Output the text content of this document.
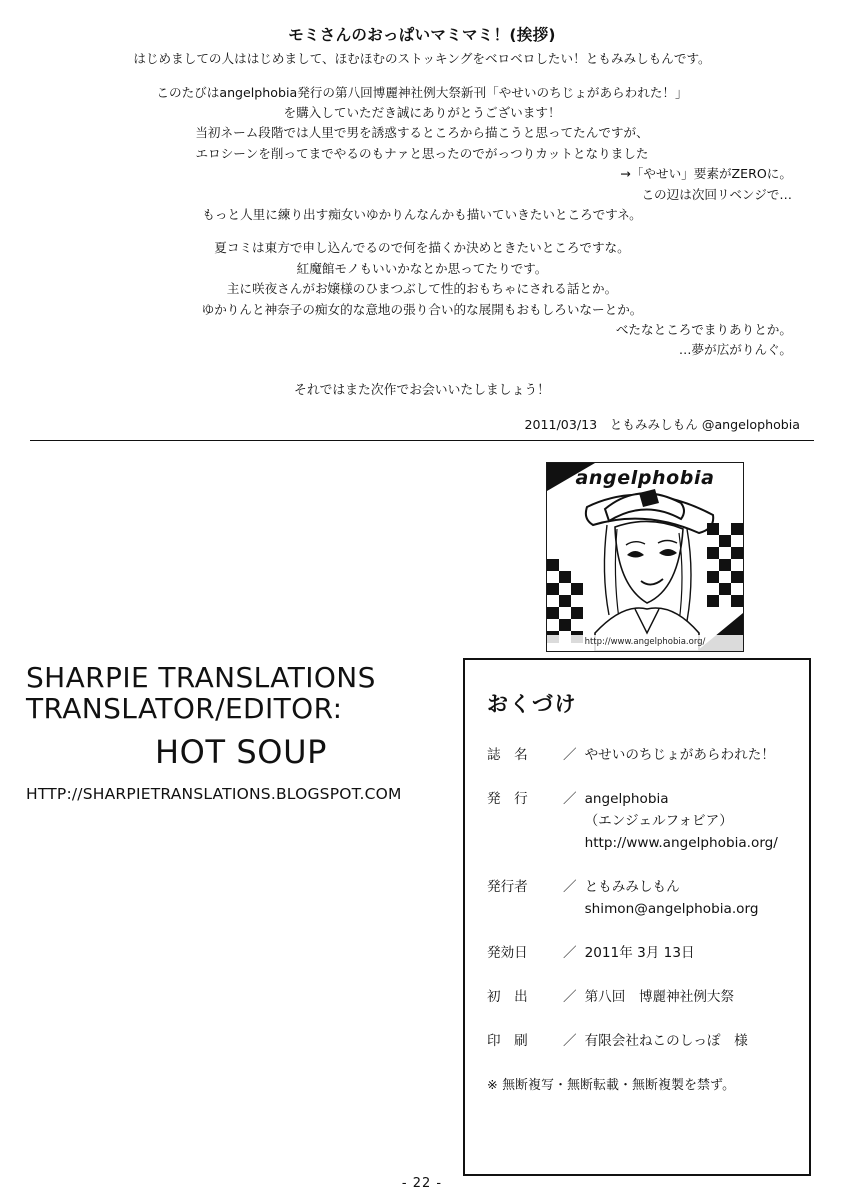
モミさんのおっぱいマミマミ！(挨拶)
はじめましての人ははじめまして、ほむほむのストッキングをベロベロしたい！ともみみしもんです。
このたびはangelphobia発行の第八回博麗神社例大祭新刊「やせいのちじょがあらわれた！」
を購入していただき誠にありがとうございます！
当初ネーム段階では人里で男を誘惑するところから描こうと思ってたんですが、
エロシーンを削ってまでやるのもナァと思ったのでがっつりカットとなりました
→「やせい」要素がZEROに。
この辺は次回リベンジで…
もっと人里に練り出す痴女いゆかりんなんかも描いていきたいところですネ。
夏コミは東方で申し込んでるので何を描くか決めときたいところですな。
紅魔館モノもいいかなとか思ってたりです。
主に咲夜さんがお嬢様のひまつぶして性的おもちゃにされる話とか。
ゆかりんと神奈子の痴女的な意地の張り合い的な展開もおもしろいなーとか。
べたなところでまりありとか。
…夢が広がりんぐ。
それではまた次作でお会いいたしましょう！
2011/03/13　ともみみしもん @angelophobia
angelphobia
http://www.angelphobia.org/
SHARPIE TRANSLATIONS
TRANSLATOR/EDITOR:
HOT SOUP
HTTP://SHARPIETRANSLATIONS.BLOGSPOT.COM
おくづけ
誌　名	／ やせいのちじょがあらわれた！
発　行	／ angelphobia
（エンジェルフォビア）
http://www.angelphobia.org/
発行者	／ ともみみしもん
shimon@angelphobia.org
発効日	／ 2011年 3月 13日
初　出	／ 第八回　博麗神社例大祭
印　刷	／ 有限会社ねこのしっぽ　様
※ 無断複写・無断転載・無断複製を禁ず。
- 22 -
